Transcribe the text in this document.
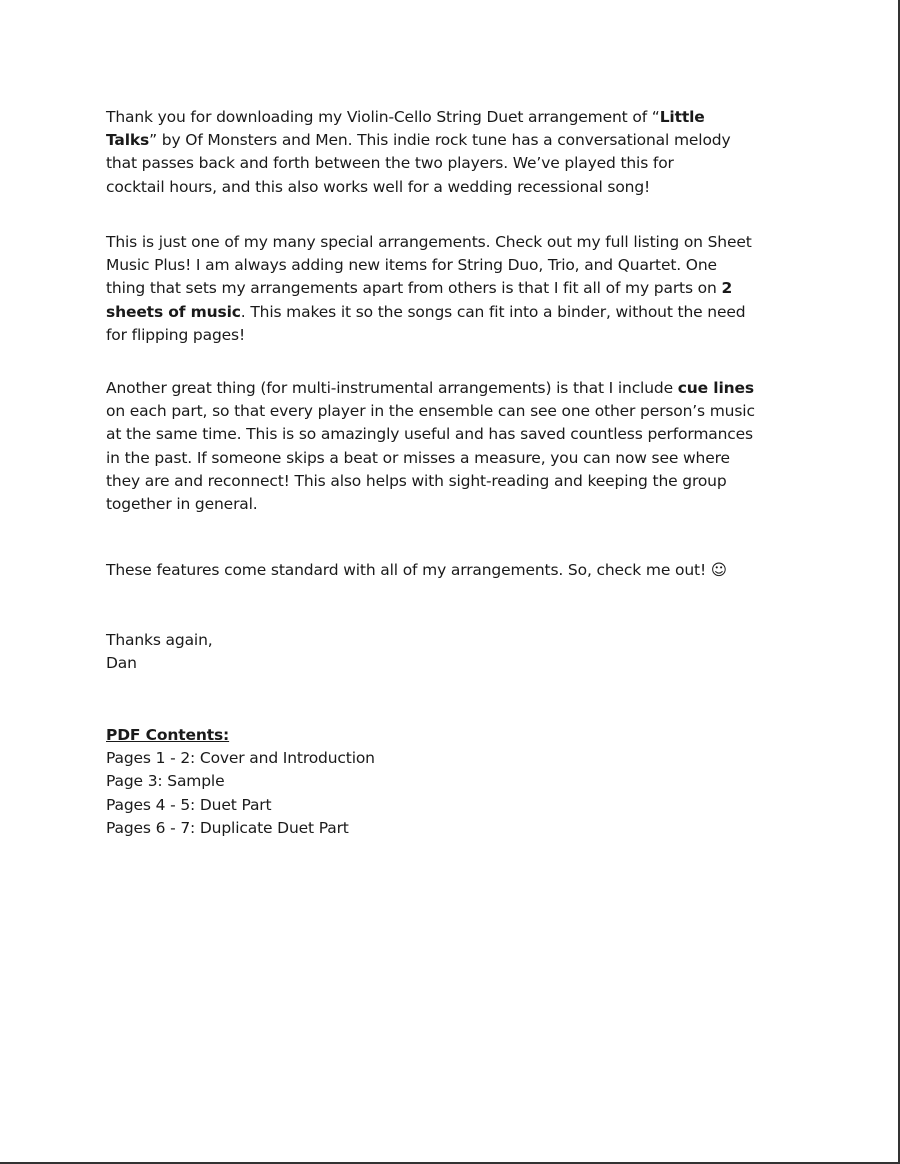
Thank you for downloading my Violin-Cello String Duet arrangement of “Little
Talks” by Of Monsters and Men. This indie rock tune has a conversational melody
that passes back and forth between the two players. We’ve played this for
cocktail hours, and this also works well for a wedding recessional song!
This is just one of my many special arrangements. Check out my full listing on Sheet
Music Plus! I am always adding new items for String Duo, Trio, and Quartet. One
thing that sets my arrangements apart from others is that I fit all of my parts on 2
sheets of music. This makes it so the songs can fit into a binder, without the need
for flipping pages!
Another great thing (for multi-instrumental arrangements) is that I include cue lines
on each part, so that every player in the ensemble can see one other person’s music
at the same time. This is so amazingly useful and has saved countless performances
in the past. If someone skips a beat or misses a measure, you can now see where
they are and reconnect! This also helps with sight-reading and keeping the group
together in general.
These features come standard with all of my arrangements. So, check me out! ☺
Thanks again,
Dan
PDF Contents:
Pages 1 - 2: Cover and Introduction
Page 3: Sample
Pages 4 - 5: Duet Part
Pages 6 - 7: Duplicate Duet Part
